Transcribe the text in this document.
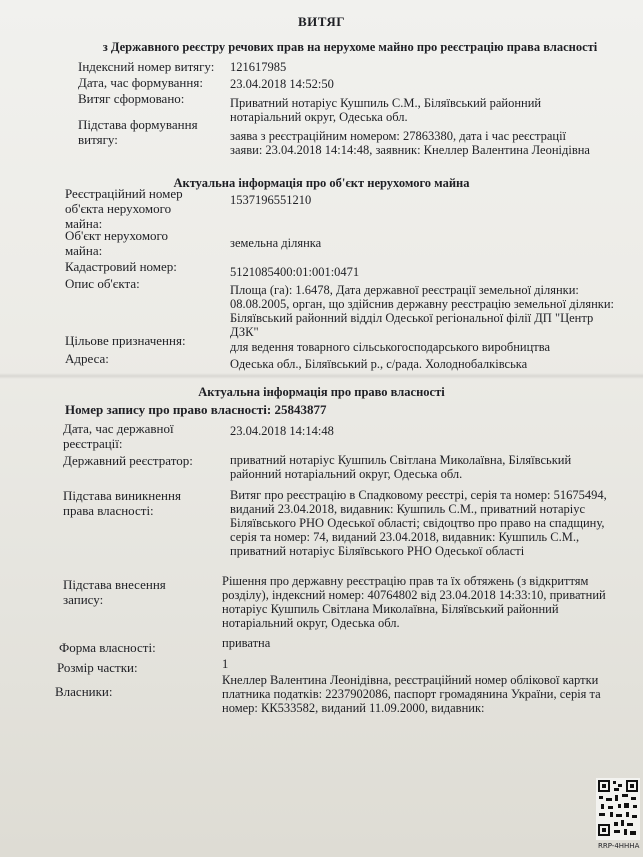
ВИТЯГ
з Державного реєстру речових прав на нерухоме майно про реєстрацію права власності
Індексний номер витягу:	121617985
Дата, час формування:	23.04.2018 14:52:50
Витяг сформовано:	Приватний нотаріус Кушпиль С.М., Біляївський районний нотаріальний округ, Одеська обл.
Підстава формування витягу:	заява з реєстраційним номером: 27863380, дата і час реєстрації заяви: 23.04.2018 14:14:48, заявник: Кнеллер Валентина Леонідівна
Актуальна інформація про об'єкт нерухомого майна
Реєстраційний номер об'єкта нерухомого майна:
1537196551210
Об'єкт нерухомого майна:	земельна ділянка
Кадастровий номер:	5121085400:01:001:0471
Опис об'єкта:	Площа (га): 1.6478, Дата державної реєстрації земельної ділянки: 08.08.2005, орган, що здійснив державну реєстрацію земельної ділянки: Біляївський районний відділ Одеської регіональної філії ДП "Центр ДЗК"
Цільове призначення:	для ведення товарного сільськогосподарського виробництва
Адреса:	Одеська обл., Біляївський р., с/рада. Холоднобалківська
Актуальна інформація про право власності
Номер запису про право власності: 25843877
Дата, час державної реєстрації:
23.04.2018 14:14:48
Державний реєстратор:	приватний нотаріус Кушпиль Світлана Миколаївна, Біляївський районний нотаріальний округ, Одеська обл.
Підстава виникнення права власності:
Витяг про реєстрацію в Спадковому реєстрі, серія та номер: 51675494, виданий 23.04.2018, видавник: Кушпиль С.М., приватний нотаріус Біляївського РНО Одеської області; свідоцтво про право на спадщину, серія та номер: 74, виданий 23.04.2018, видавник: Кушпиль С.М., приватний нотаріус Біляївського РНО Одеської області
Підстава внесення запису:
Рішення про державну реєстрацію прав та їх обтяжень (з відкриттям розділу), індексний номер: 40764802 від 23.04.2018 14:33:10, приватний нотаріус Кушпиль Світлана Миколаївна, Біляївський районний нотаріальний округ, Одеська обл.
Форма власності:	приватна
Розмір частки:	1
Власники:
Кнеллер Валентина Леонідівна, реєстраційний номер облікової картки платника податків: 2237902086, паспорт громадянина України, серія та номер: КК533582, виданий 11.09.2000, видавник:
RRP-4HHHA
